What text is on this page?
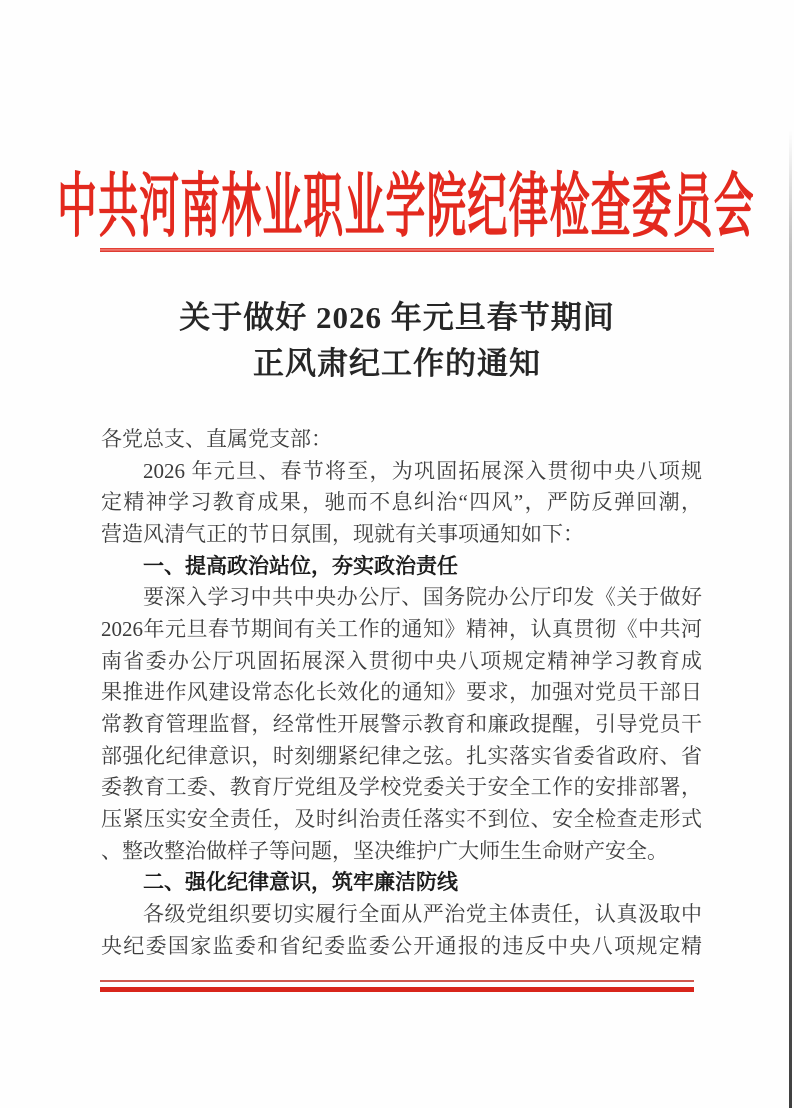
中共河南林业职业学院纪律检查委员会
关于做好 2026 年元旦春节期间
正风肃纪工作的通知
各党总支、直属党支部：
2026 年元旦、春节将至，为巩固拓展深入贯彻中央八项规
定精神学习教育成果，驰而不息纠治“四风”，严防反弹回潮，
营造风清气正的节日氛围，现就有关事项通知如下：
一、提高政治站位，夯实政治责任
要深入学习中共中央办公厅、国务院办公厅印发《关于做好
2026年元旦春节期间有关工作的通知》精神，认真贯彻《中共河
南省委办公厅巩固拓展深入贯彻中央八项规定精神学习教育成
果推进作风建设常态化长效化的通知》要求，加强对党员干部日
常教育管理监督，经常性开展警示教育和廉政提醒，引导党员干
部强化纪律意识，时刻绷紧纪律之弦。扎实落实省委省政府、省
委教育工委、教育厅党组及学校党委关于安全工作的安排部署，
压紧压实安全责任，及时纠治责任落实不到位、安全检查走形式
、整改整治做样子等问题，坚决维护广大师生生命财产安全。
二、强化纪律意识，筑牢廉洁防线
各级党组织要切实履行全面从严治党主体责任，认真汲取中
央纪委国家监委和省纪委监委公开通报的违反中央八项规定精
